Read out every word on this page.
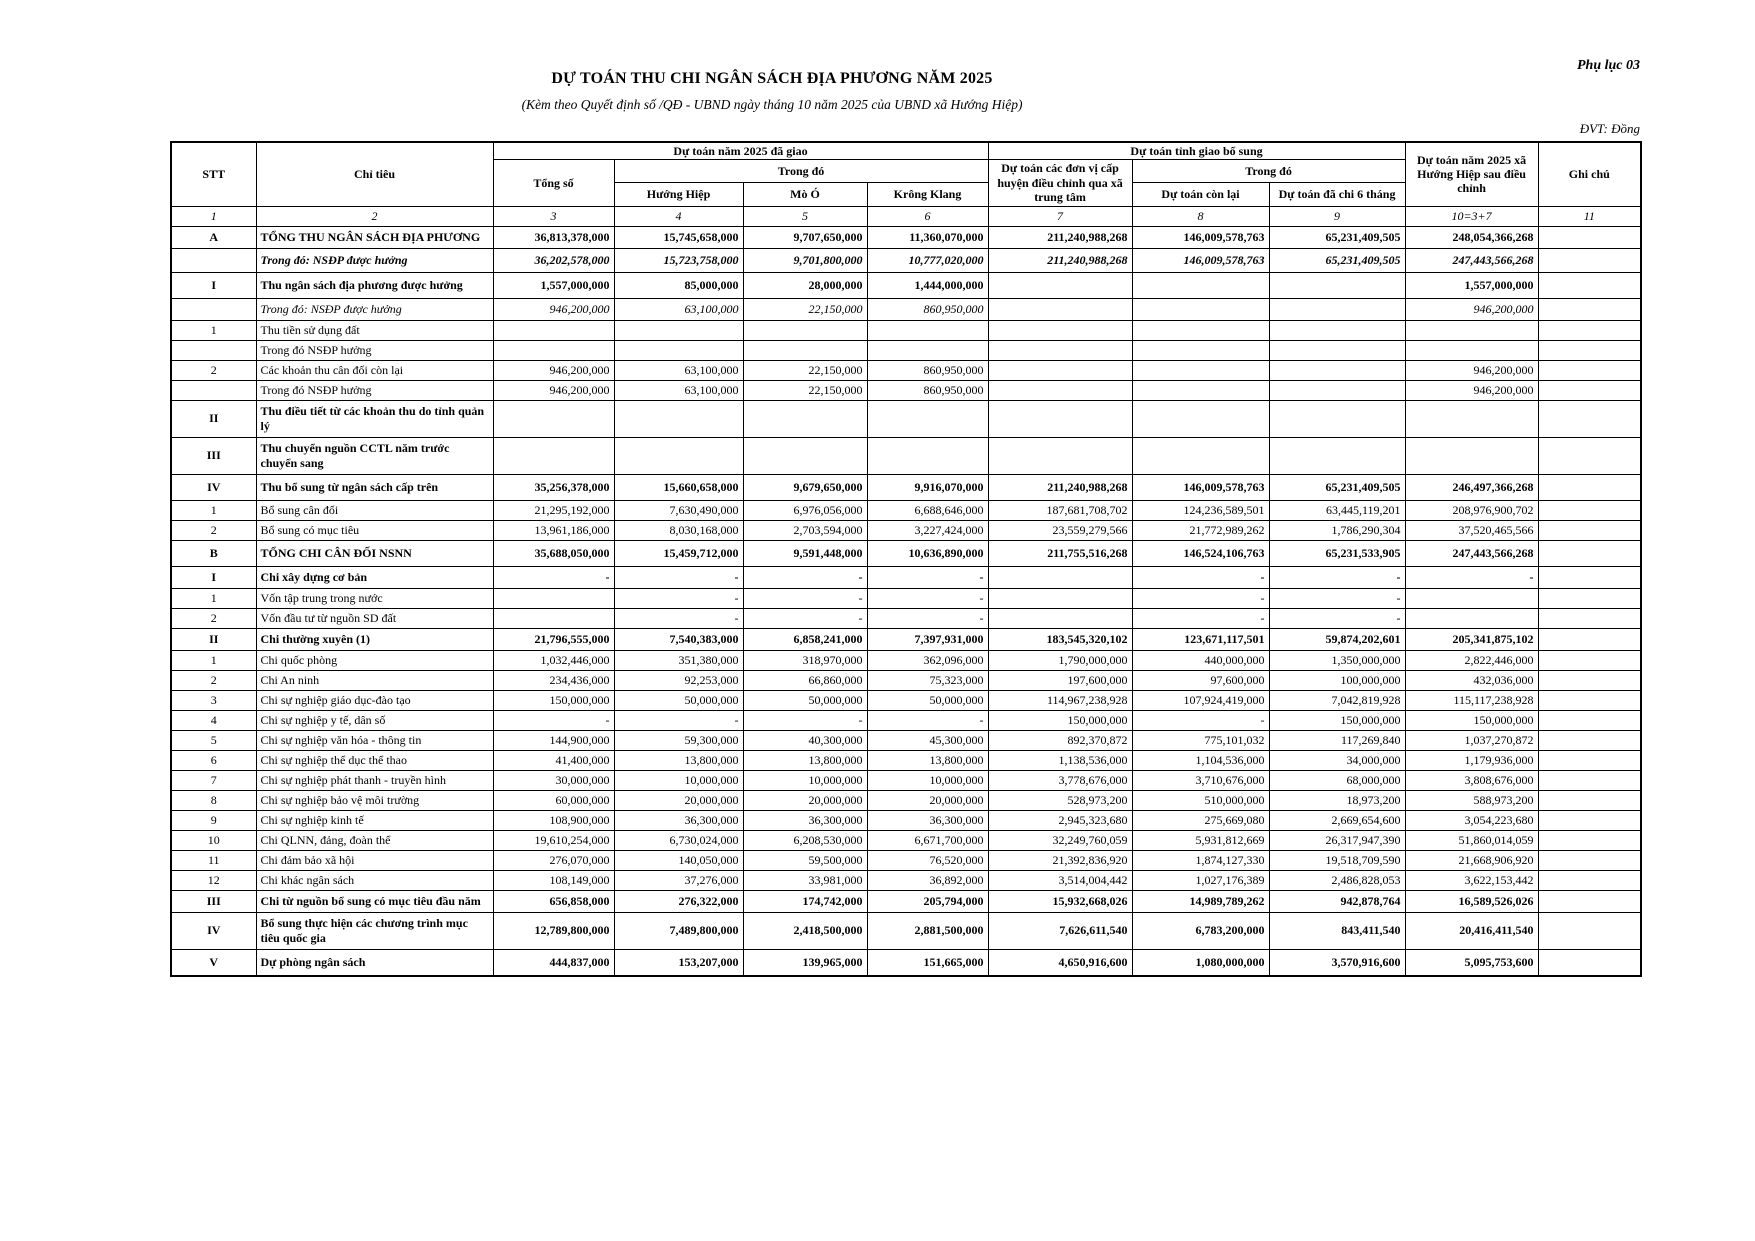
Phụ lục 03
DỰ TOÁN THU CHI NGÂN SÁCH ĐỊA PHƯƠNG NĂM 2025
(Kèm theo Quyết định số /QĐ - UBND ngày tháng 10 năm 2025 của UBND xã Hướng Hiệp)
ĐVT: Đồng
STT	Chỉ tiêu	Dự toán năm 2025 đã giao				Dự toán tỉnh giao bổ sung			Dự toán năm 2025 xã Hướng Hiệp sau điều chỉnh	Ghi chú
		Tổng số	Trong đó			Dự toán các đơn vị cấp huyện điều chỉnh qua xã trung tâm	Trong đó			
			Hướng Hiệp	Mò Ó	Krông Klang		Dự toán còn lại	Dự toán đã chi 6 tháng		
1	2	3	4	5	6	7	8	9	10=3+7	11
A	TỔNG THU NGÂN SÁCH ĐỊA PHƯƠNG	36,813,378,000	15,745,658,000	9,707,650,000	11,360,070,000	211,240,988,268	146,009,578,763	65,231,409,505	248,054,366,268	
	Trong đó: NSĐP được hưởng	36,202,578,000	15,723,758,000	9,701,800,000	10,777,020,000	211,240,988,268	146,009,578,763	65,231,409,505	247,443,566,268	
I	Thu ngân sách địa phương được hưởng	1,557,000,000	85,000,000	28,000,000	1,444,000,000				1,557,000,000	
	Trong đó: NSĐP được hưởng	946,200,000	63,100,000	22,150,000	860,950,000				946,200,000	
1	Thu tiền sử dụng đất									
	Trong đó NSĐP hưởng									
2	Các khoản thu cân đối còn lại	946,200,000	63,100,000	22,150,000	860,950,000				946,200,000	
	Trong đó NSĐP hưởng	946,200,000	63,100,000	22,150,000	860,950,000				946,200,000	
II	Thu điều tiết từ các khoản thu do tỉnh quản lý									
III	Thu chuyển nguồn CCTL năm trước chuyển sang									
IV	Thu bổ sung từ ngân sách cấp trên	35,256,378,000	15,660,658,000	9,679,650,000	9,916,070,000	211,240,988,268	146,009,578,763	65,231,409,505	246,497,366,268	
1	Bổ sung cân đối	21,295,192,000	7,630,490,000	6,976,056,000	6,688,646,000	187,681,708,702	124,236,589,501	63,445,119,201	208,976,900,702	
2	Bổ sung có mục tiêu	13,961,186,000	8,030,168,000	2,703,594,000	3,227,424,000	23,559,279,566	21,772,989,262	1,786,290,304	37,520,465,566	
B	TỔNG CHI CÂN ĐỐI NSNN	35,688,050,000	15,459,712,000	9,591,448,000	10,636,890,000	211,755,516,268	146,524,106,763	65,231,533,905	247,443,566,268	
I	Chi xây dựng cơ bản	-	-	-	-		-	-	-	
1	Vốn tập trung trong nước		-	-	-		-	-		
2	Vốn đầu tư từ nguồn SD đất		-	-	-		-	-		
II	Chi thường xuyên (1)	21,796,555,000	7,540,383,000	6,858,241,000	7,397,931,000	183,545,320,102	123,671,117,501	59,874,202,601	205,341,875,102	
1	Chi quốc phòng	1,032,446,000	351,380,000	318,970,000	362,096,000	1,790,000,000	440,000,000	1,350,000,000	2,822,446,000	
2	Chi An ninh	234,436,000	92,253,000	66,860,000	75,323,000	197,600,000	97,600,000	100,000,000	432,036,000	
3	Chi sự nghiệp giáo dục-đào tạo	150,000,000	50,000,000	50,000,000	50,000,000	114,967,238,928	107,924,419,000	7,042,819,928	115,117,238,928	
4	Chi sự nghiệp y tế, dân số	-	-	-	-	150,000,000	-	150,000,000	150,000,000	
5	Chi sự nghiệp văn hóa - thông tin	144,900,000	59,300,000	40,300,000	45,300,000	892,370,872	775,101,032	117,269,840	1,037,270,872	
6	Chi sự nghiệp thể dục thể thao	41,400,000	13,800,000	13,800,000	13,800,000	1,138,536,000	1,104,536,000	34,000,000	1,179,936,000	
7	Chi sự nghiệp phát thanh - truyền hình	30,000,000	10,000,000	10,000,000	10,000,000	3,778,676,000	3,710,676,000	68,000,000	3,808,676,000	
8	Chi sự nghiệp bảo vệ môi trường	60,000,000	20,000,000	20,000,000	20,000,000	528,973,200	510,000,000	18,973,200	588,973,200	
9	Chi sự nghiệp kinh tế	108,900,000	36,300,000	36,300,000	36,300,000	2,945,323,680	275,669,080	2,669,654,600	3,054,223,680	
10	Chi QLNN, đảng, đoàn thể	19,610,254,000	6,730,024,000	6,208,530,000	6,671,700,000	32,249,760,059	5,931,812,669	26,317,947,390	51,860,014,059	
11	Chi đảm bảo xã hội	276,070,000	140,050,000	59,500,000	76,520,000	21,392,836,920	1,874,127,330	19,518,709,590	21,668,906,920	
12	Chi khác ngân sách	108,149,000	37,276,000	33,981,000	36,892,000	3,514,004,442	1,027,176,389	2,486,828,053	3,622,153,442	
III	Chi từ nguồn bổ sung có mục tiêu đầu năm	656,858,000	276,322,000	174,742,000	205,794,000	15,932,668,026	14,989,789,262	942,878,764	16,589,526,026	
IV	Bổ sung thực hiện các chương trình mục tiêu quốc gia	12,789,800,000	7,489,800,000	2,418,500,000	2,881,500,000	7,626,611,540	6,783,200,000	843,411,540	20,416,411,540	
V	Dự phòng ngân sách	444,837,000	153,207,000	139,965,000	151,665,000	4,650,916,600	1,080,000,000	3,570,916,600	5,095,753,600	
